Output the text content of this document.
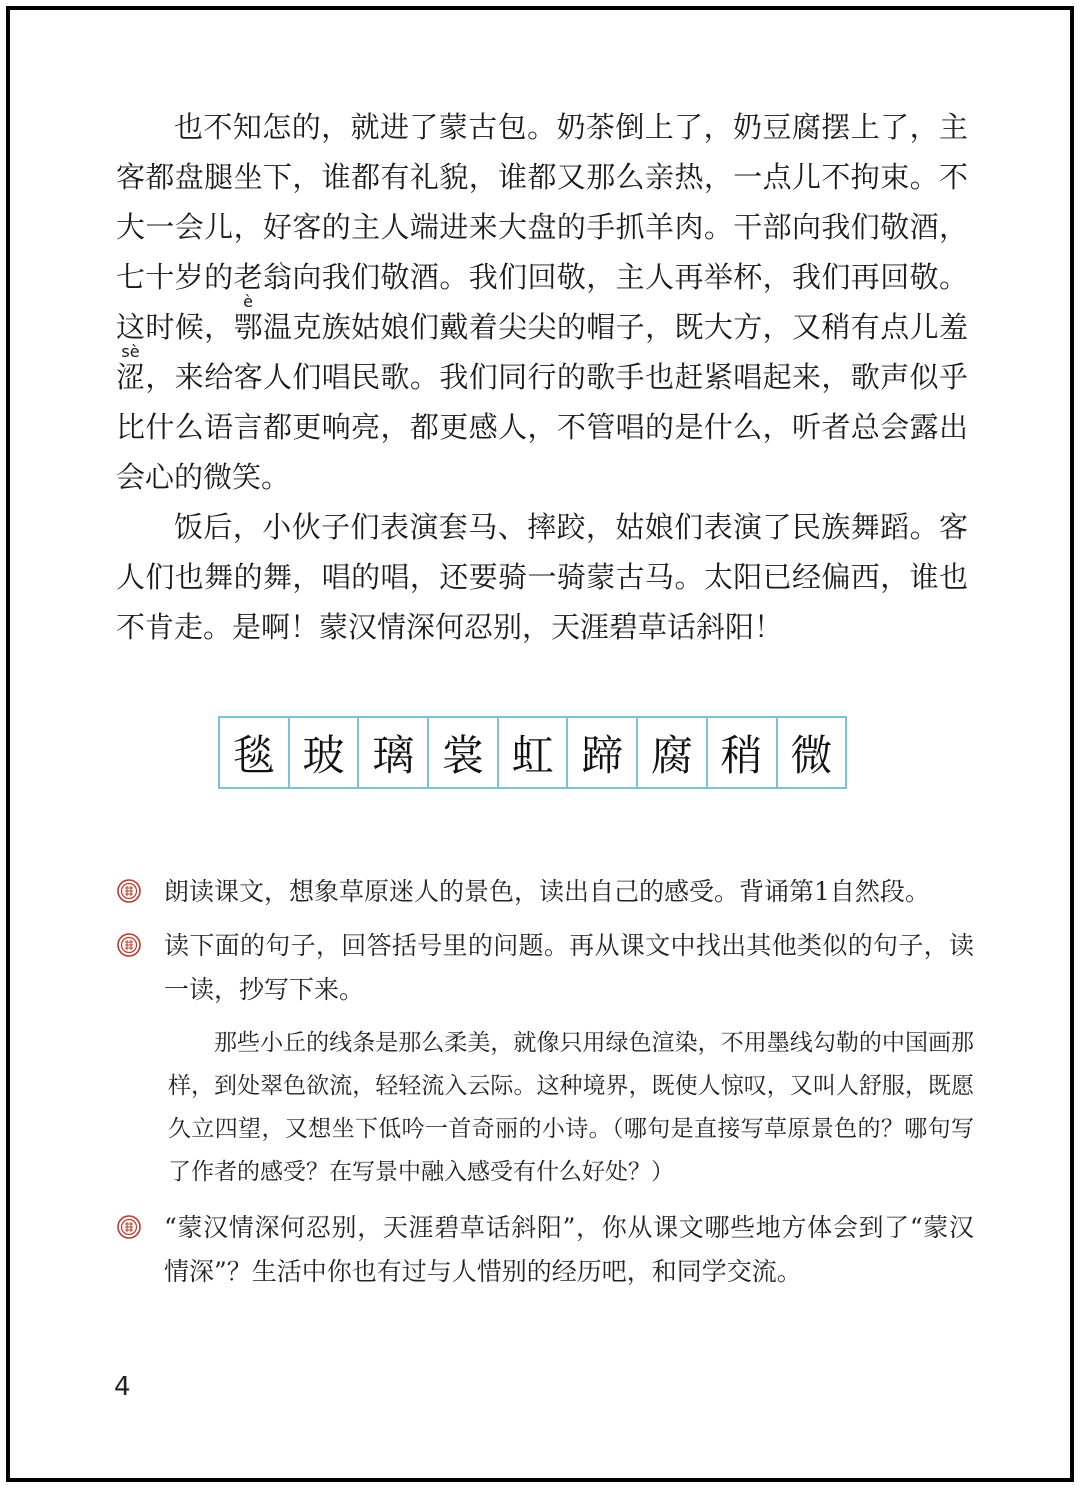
也不知怎的，就进了蒙古包。奶茶倒上了，奶豆腐摆上了，主客都盘腿坐下，谁都有礼貌，谁都又那么亲热，一点儿不拘束。不大一会儿，好客的主人端进来大盘的手抓羊肉。干部向我们敬酒，七十岁的老翁向我们敬酒。我们回敬，主人再举杯，我们再回敬。这时候，鄂è温克族姑娘们戴着尖尖的帽子，既大方，又稍有点儿羞涩sè，来给客人们唱民歌。我们同行的歌手也赶紧唱起来，歌声似乎比什么语言都更响亮，都更感人，不管唱的是什么，听者总会露出会心的微笑。

饭后，小伙子们表演套马、摔跤，姑娘们表演了民族舞蹈。客人们也舞的舞，唱的唱，还要骑一骑蒙古马。太阳已经偏西，谁也不肯走。是啊！蒙汉情深何忍别，天涯碧草话斜阳！

毯 玻 璃 裳 虹 蹄 腐 稍 微
朗读课文，想象草原迷人的景色，读出自己的感受。背诵第1自然段。
读下面的句子，回答括号里的问题。再从课文中找出其他类似的句子，读一读，抄写下来。
那些小丘的线条是那么柔美，就像只用绿色渲染，不用墨线勾勒的中国画那样，到处翠色欲流，轻轻流入云际。这种境界，既使人惊叹，又叫人舒服，既愿久立四望，又想坐下低吟一首奇丽的小诗。（哪句是直接写草原景色的？哪句写了作者的感受？在写景中融入感受有什么好处？）
“蒙汉情深何忍别，天涯碧草话斜阳”，你从课文哪些地方体会到了“蒙汉情深”？生活中你也有过与人惜别的经历吧，和同学交流。
4
